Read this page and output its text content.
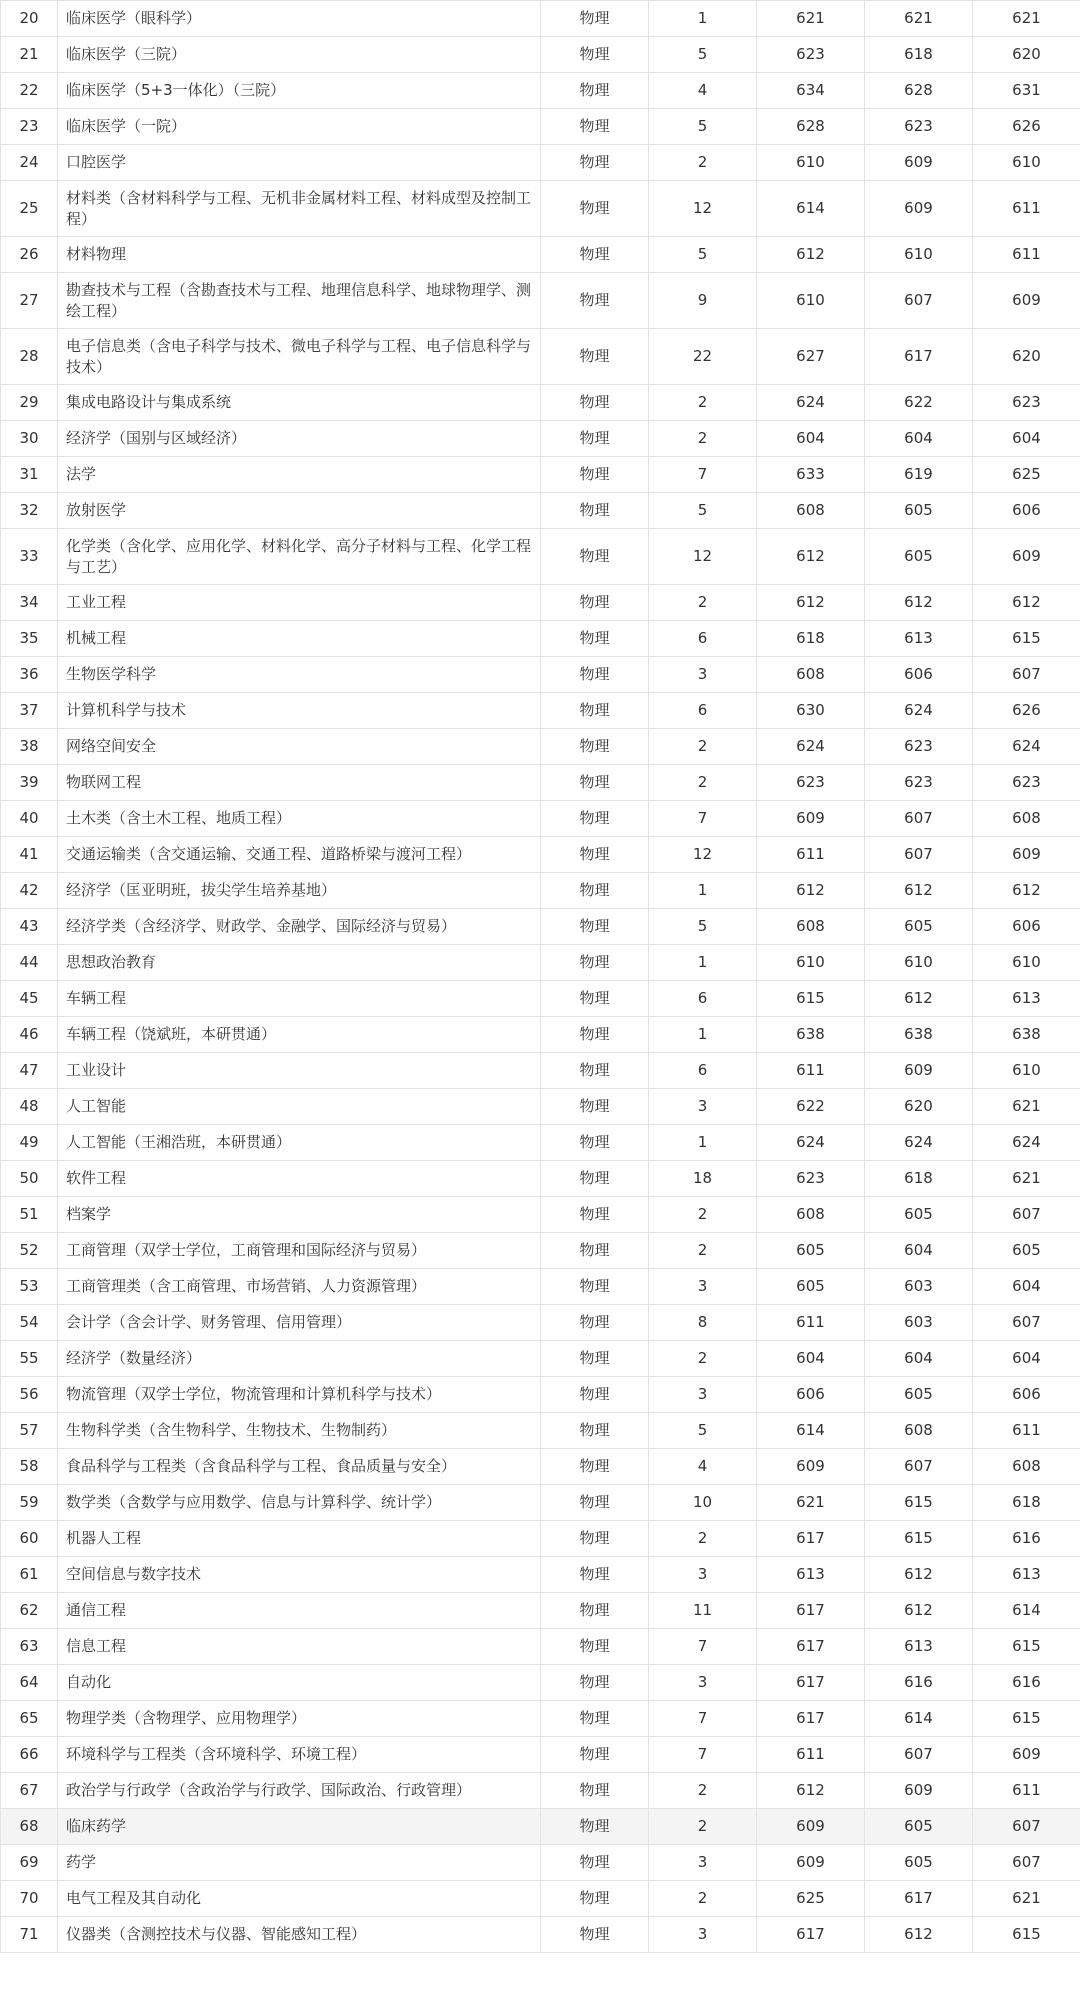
20	临床医学（眼科学）	物理	1	621	621	621
21	临床医学（三院）	物理	5	623	618	620
22	临床医学（5+3一体化）（三院）	物理	4	634	628	631
23	临床医学（一院）	物理	5	628	623	626
24	口腔医学	物理	2	610	609	610
25	材料类（含材料科学与工程、无机非金属材料工程、材料成型及控制工程）	物理	12	614	609	611
26	材料物理	物理	5	612	610	611
27	勘查技术与工程（含勘查技术与工程、地理信息科学、地球物理学、测绘工程）	物理	9	610	607	609
28	电子信息类（含电子科学与技术、微电子科学与工程、电子信息科学与技术）	物理	22	627	617	620
29	集成电路设计与集成系统	物理	2	624	622	623
30	经济学（国别与区域经济）	物理	2	604	604	604
31	法学	物理	7	633	619	625
32	放射医学	物理	5	608	605	606
33	化学类（含化学、应用化学、材料化学、高分子材料与工程、化学工程与工艺）	物理	12	612	605	609
34	工业工程	物理	2	612	612	612
35	机械工程	物理	6	618	613	615
36	生物医学科学	物理	3	608	606	607
37	计算机科学与技术	物理	6	630	624	626
38	网络空间安全	物理	2	624	623	624
39	物联网工程	物理	2	623	623	623
40	土木类（含土木工程、地质工程）	物理	7	609	607	608
41	交通运输类（含交通运输、交通工程、道路桥梁与渡河工程）	物理	12	611	607	609
42	经济学（匡亚明班，拔尖学生培养基地）	物理	1	612	612	612
43	经济学类（含经济学、财政学、金融学、国际经济与贸易）	物理	5	608	605	606
44	思想政治教育	物理	1	610	610	610
45	车辆工程	物理	6	615	612	613
46	车辆工程（饶斌班，本研贯通）	物理	1	638	638	638
47	工业设计	物理	6	611	609	610
48	人工智能	物理	3	622	620	621
49	人工智能（王湘浩班，本研贯通）	物理	1	624	624	624
50	软件工程	物理	18	623	618	621
51	档案学	物理	2	608	605	607
52	工商管理（双学士学位，工商管理和国际经济与贸易）	物理	2	605	604	605
53	工商管理类（含工商管理、市场营销、人力资源管理）	物理	3	605	603	604
54	会计学（含会计学、财务管理、信用管理）	物理	8	611	603	607
55	经济学（数量经济）	物理	2	604	604	604
56	物流管理（双学士学位，物流管理和计算机科学与技术）	物理	3	606	605	606
57	生物科学类（含生物科学、生物技术、生物制药）	物理	5	614	608	611
58	食品科学与工程类（含食品科学与工程、食品质量与安全）	物理	4	609	607	608
59	数学类（含数学与应用数学、信息与计算科学、统计学）	物理	10	621	615	618
60	机器人工程	物理	2	617	615	616
61	空间信息与数字技术	物理	3	613	612	613
62	通信工程	物理	11	617	612	614
63	信息工程	物理	7	617	613	615
64	自动化	物理	3	617	616	616
65	物理学类（含物理学、应用物理学）	物理	7	617	614	615
66	环境科学与工程类（含环境科学、环境工程）	物理	7	611	607	609
67	政治学与行政学（含政治学与行政学、国际政治、行政管理）	物理	2	612	609	611
68	临床药学	物理	2	609	605	607
69	药学	物理	3	609	605	607
70	电气工程及其自动化	物理	2	625	617	621
71	仪器类（含测控技术与仪器、智能感知工程）	物理	3	617	612	615
